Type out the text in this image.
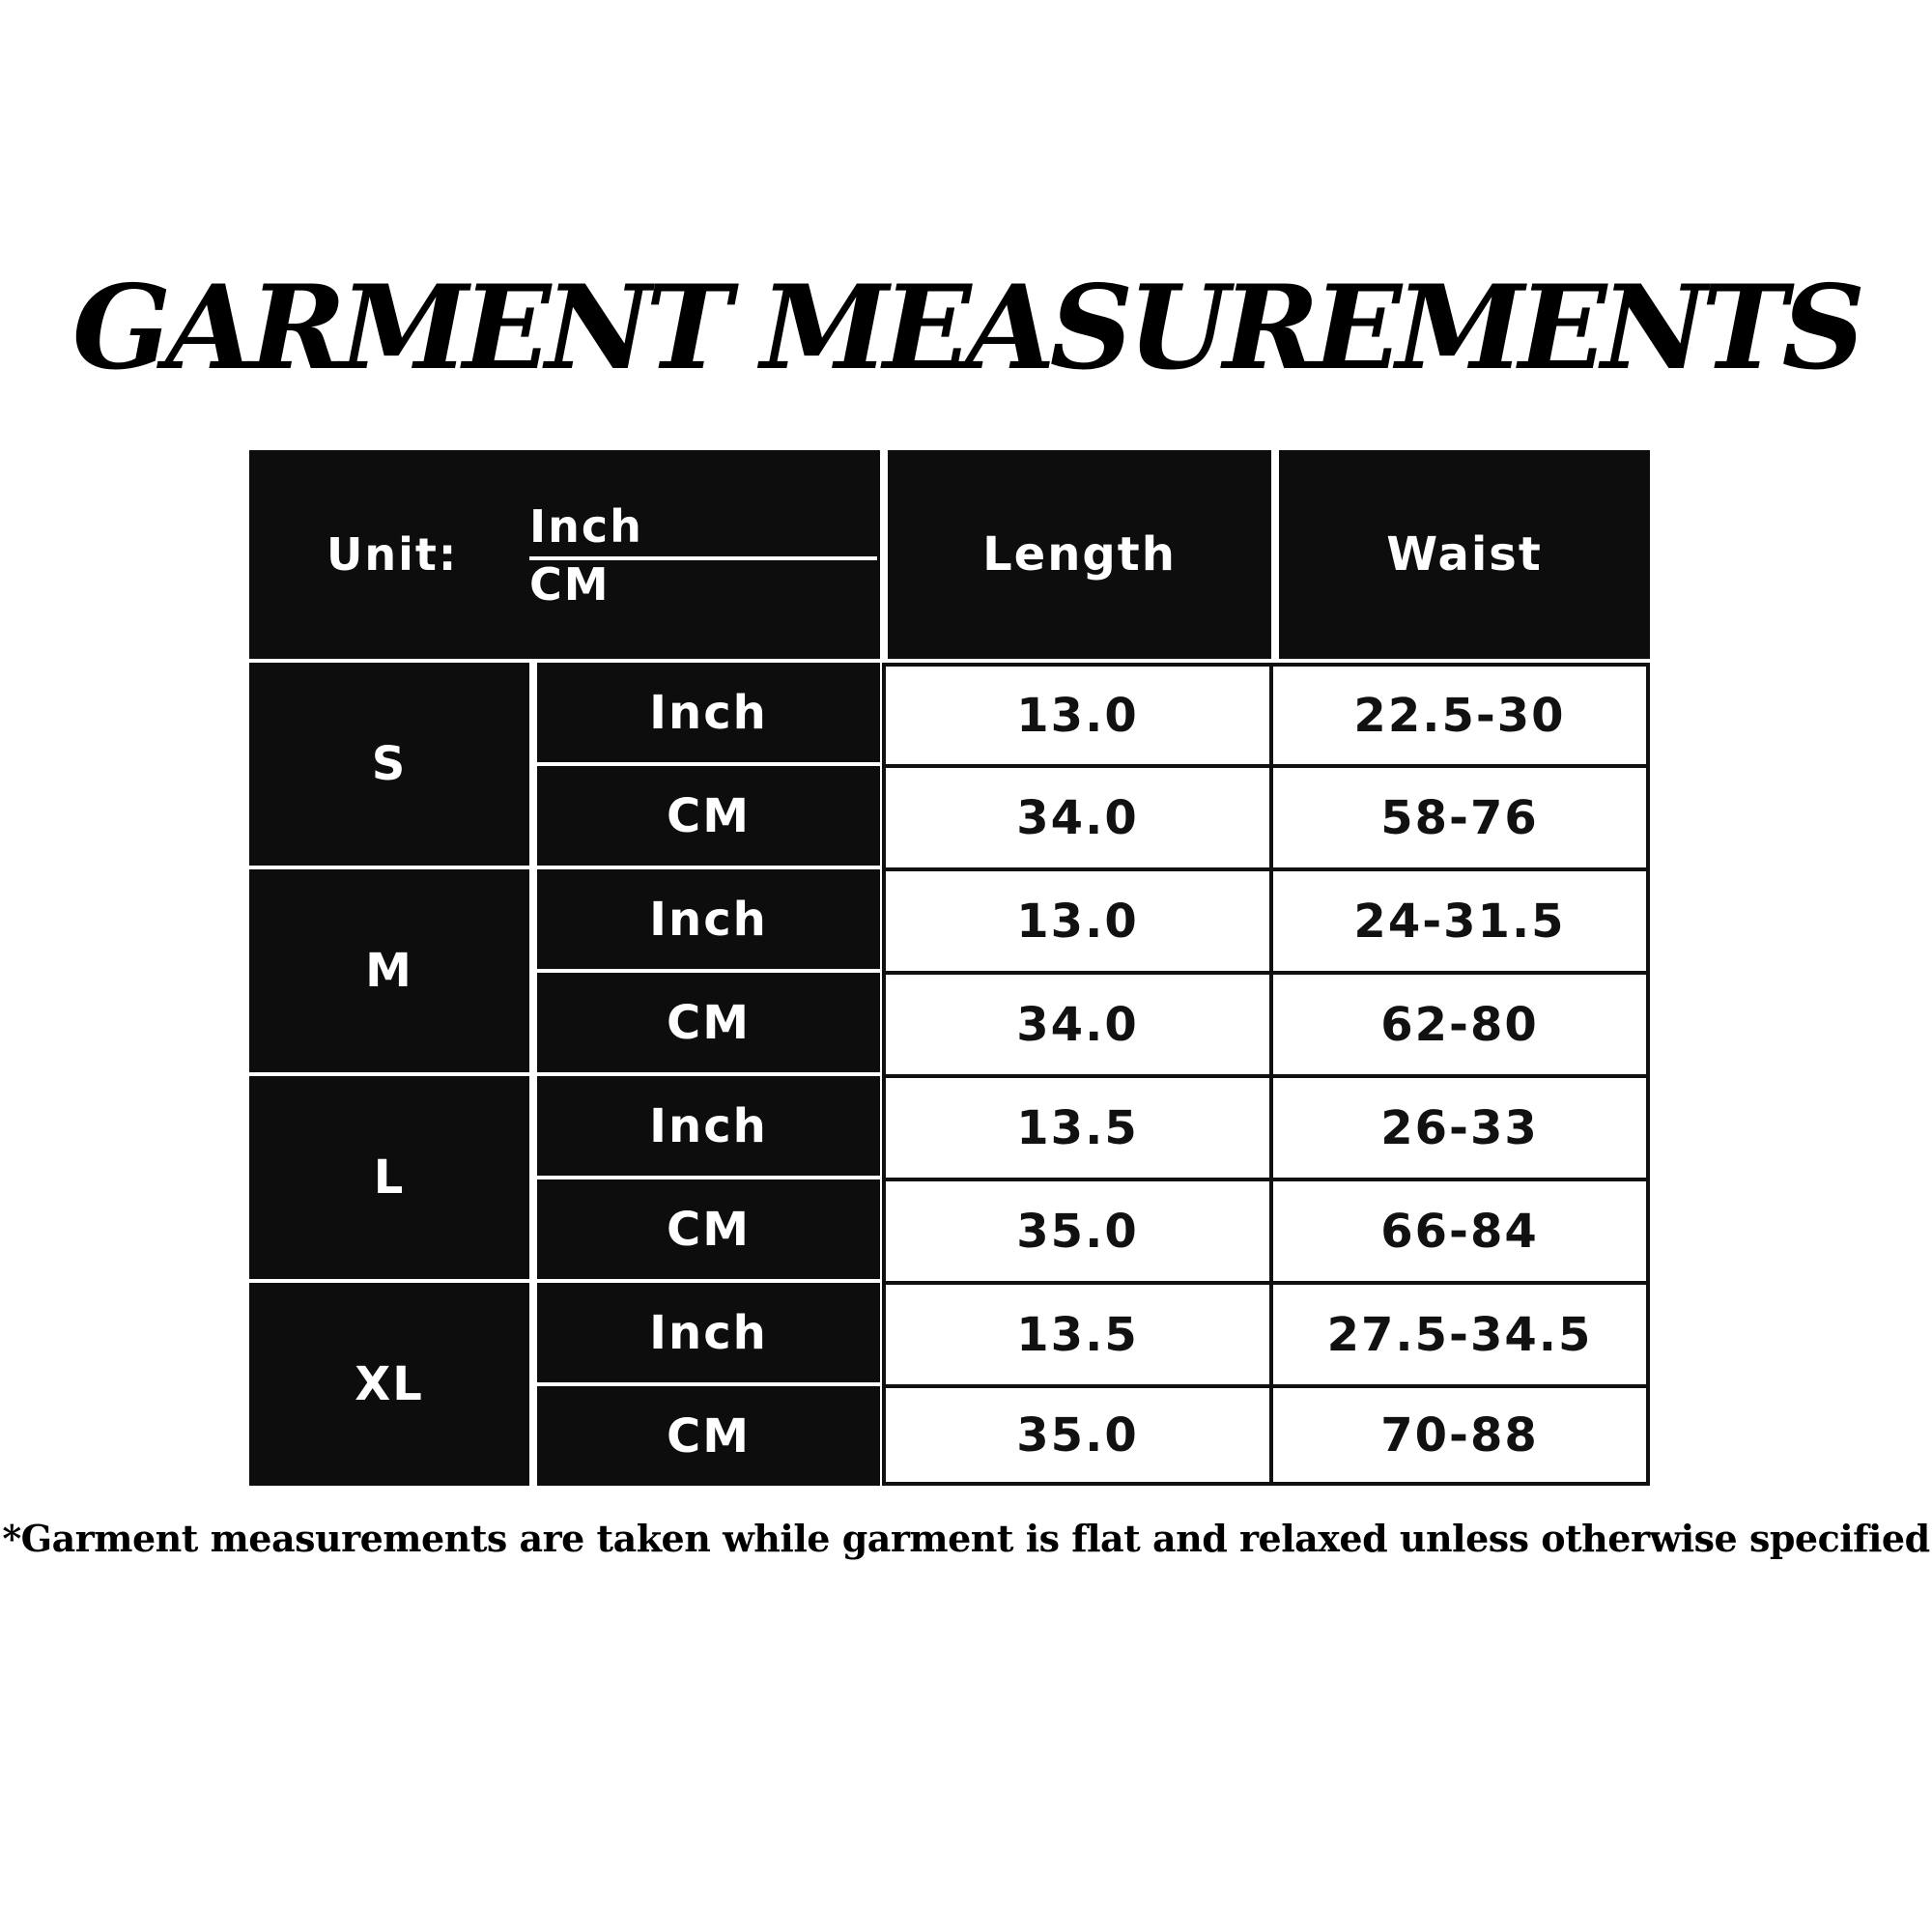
GARMENT MEASUREMENTS
Unit:
Inch
CM
Length	Waist
S
Inch	13.0	22.5-30
CM	34.0	58-76
M
Inch	13.0	24-31.5
CM	34.0	62-80
L
Inch	13.5	26-33
CM	35.0	66-84
XL
Inch	13.5	27.5-34.5
CM	35.0	70-88
*Garment measurements are taken while garment is flat and relaxed unless otherwise specified
